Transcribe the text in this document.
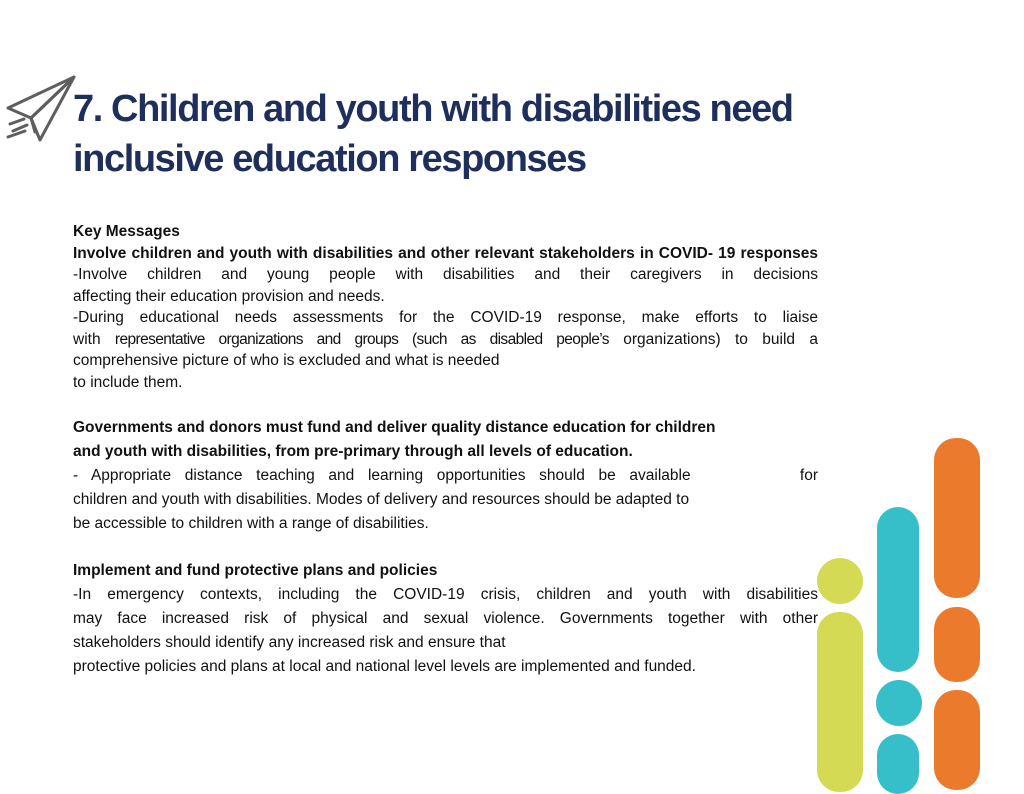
7. Children and youth with disabilities need inclusive education responses

Key Messages

Involve children and youth with disabilities and other relevant stakeholders in COVID- 19 responses

-Involve children and young people with disabilities and their caregivers in decisions

affecting their education provision and needs.

-During educational needs assessments for the COVID-19 response, make efforts to liaise

with representative organizations and groups (such as disabled people’s organizations) to build a

comprehensive picture of who is excluded and what is needed

to include them.

Governments and donors must fund and deliver quality distance education for children

and youth with disabilities, from pre-primary through all levels of education.

- Appropriate distance teaching and learning opportunities should be available        for

children and youth with disabilities. Modes of delivery and resources should be adapted to

be accessible to children with a range of disabilities.

Implement and fund protective plans and policies

-In emergency contexts, including the COVID-19 crisis, children and youth with disabilities

may face increased risk of physical and sexual violence. Governments together with other

stakeholders should identify any increased risk and ensure that

protective policies and plans at local and national level levels are implemented and funded.
